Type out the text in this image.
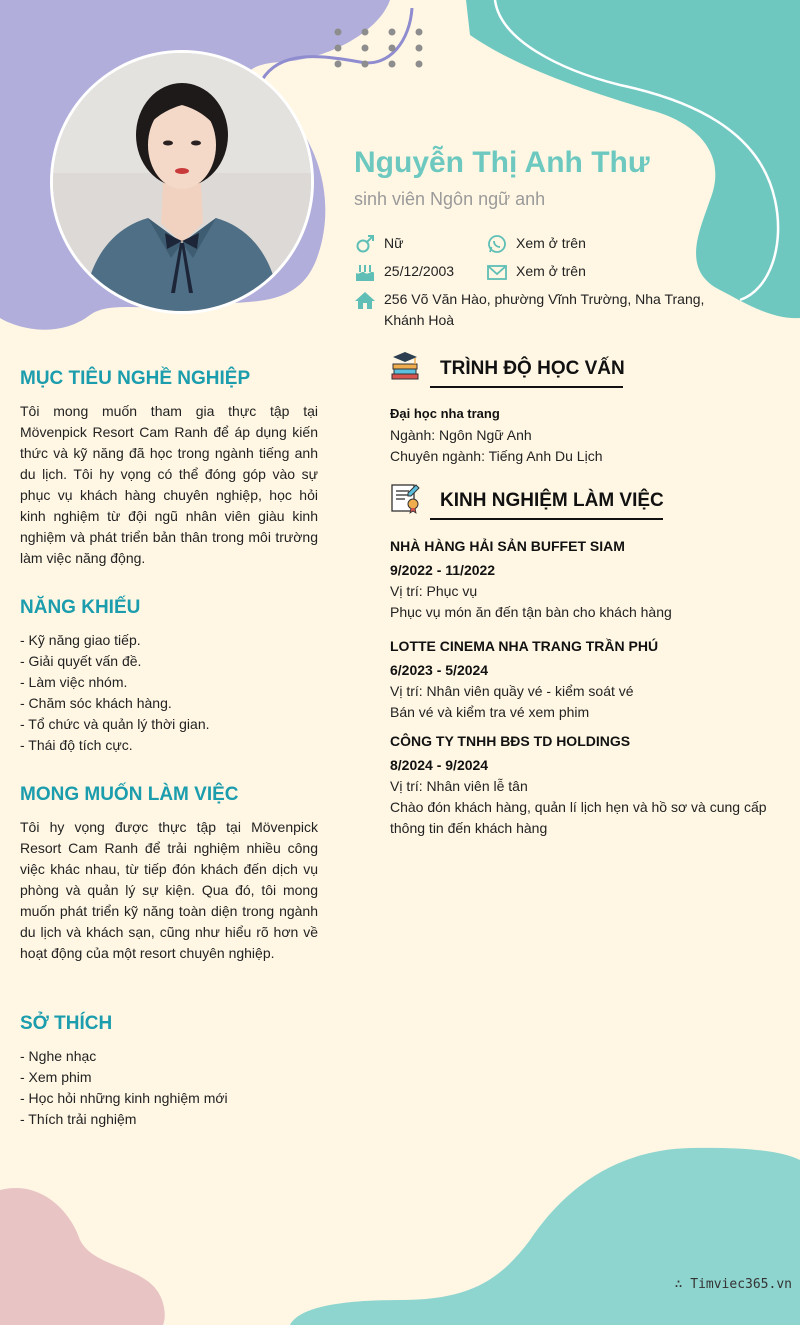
Nguyễn Thị Anh Thư
sinh viên Ngôn ngữ anh
Nữ	Xem ở trên
25/12/2003	Xem ở trên
256 Võ Văn Hào, phường Vĩnh Trường, Nha Trang, Khánh Hoà
MỤC TIÊU NGHỀ NGHIỆP

Tôi mong muốn tham gia thực tập tại Mövenpick Resort Cam Ranh để áp dụng kiến thức và kỹ năng đã học trong ngành tiếng anh du lịch. Tôi hy vọng có thể đóng góp vào sự phục vụ khách hàng chuyên nghiệp, học hỏi kinh nghiệm từ đội ngũ nhân viên giàu kinh nghiệm và phát triển bản thân trong môi trường làm việc năng động.

NĂNG KHIẾU
- Kỹ năng giao tiếp.
- Giải quyết vấn đề.
- Làm việc nhóm.
- Chăm sóc khách hàng.
- Tổ chức và quản lý thời gian.
- Thái độ tích cực.
MONG MUỐN LÀM VIỆC

Tôi hy vọng được thực tập tại Mövenpick Resort Cam Ranh để trải nghiệm nhiều công việc khác nhau, từ tiếp đón khách đến dịch vụ phòng và quản lý sự kiện. Qua đó, tôi mong muốn phát triển kỹ năng toàn diện trong ngành du lịch và khách sạn, cũng như hiểu rõ hơn về hoạt động của một resort chuyên nghiệp.

SỞ THÍCH
- Nghe nhạc
- Xem phim
- Học hỏi những kinh nghiệm mới
- Thích trải nghiệm
TRÌNH ĐỘ HỌC VẤN
Đại học nha trang
Ngành: Ngôn Ngữ Anh
Chuyên ngành: Tiếng Anh Du Lịch
KINH NGHIỆM LÀM VIỆC
NHÀ HÀNG HẢI SẢN BUFFET SIAM
9/2022 - 11/2022
Vị trí: Phục vụ
Phục vụ món ăn đến tận bàn cho khách hàng
LOTTE CINEMA NHA TRANG TRẦN PHÚ
6/2023 - 5/2024
Vị trí: Nhân viên quầy vé - kiểm soát vé
Bán vé và kiểm tra vé xem phim
CÔNG TY TNHH BĐS TD HOLDINGS
8/2024 - 9/2024
Vị trí: Nhân viên lễ tân
Chào đón khách hàng, quản lí lịch hẹn và hồ sơ và cung cấp thông tin đến khách hàng
∴ Timviec365.vn
